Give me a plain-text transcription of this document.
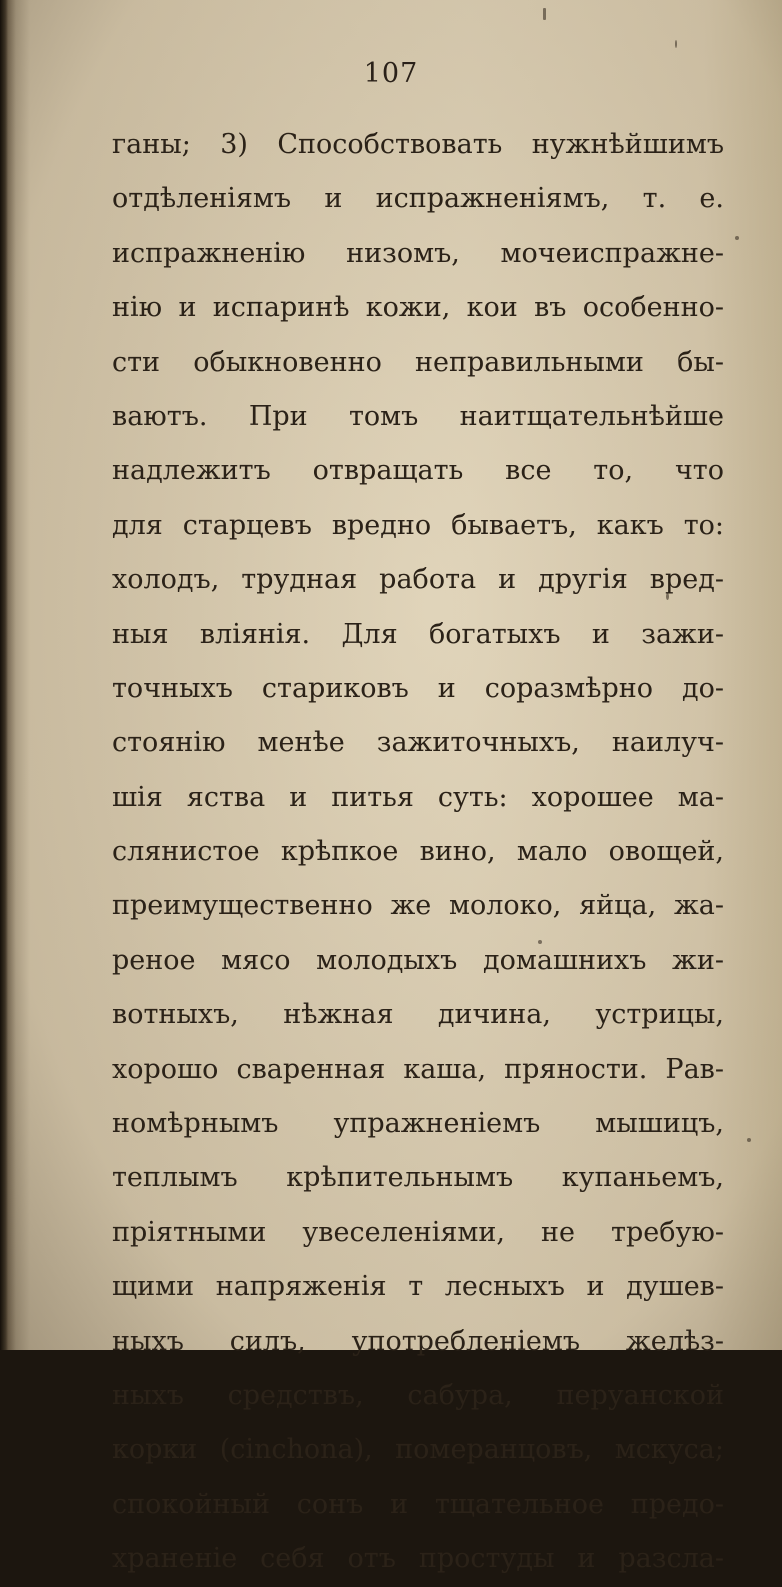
107
ганы; 3) Способствовать нужнѣйшимъ
отдѣленіямъ и испражненіямъ, т. е.
испражненію низомъ, мочеиспражне-
нію и испаринѣ кожи, кои въ особенно-
сти обыкновенно неправильными бы-
ваютъ. При томъ наитщательнѣйше
надлежитъ отвращать все то, что
для старцевъ вредно бываетъ, какъ то:
холодъ, трудная работа и другія вред-
ныя вліянія. Для богатыхъ и зажи-
точныхъ стариковъ и соразмѣрно до-
стоянію менѣе зажиточныхъ, наилуч-
шія яства и питья суть: хорошее ма-
слянистое крѣпкое вино, мало овощей,
преимущественно же молоко, яйца, жа-
реное мясо молодыхъ домашнихъ жи-
вотныхъ, нѣжная дичина, устрицы,
хорошо сваренная каша, пряности. Рав-
номѣрнымъ упражненіемъ мышицъ,
теплымъ крѣпительнымъ купаньемъ,
пріятными увеселеніями, не требую-
щими напряженія т лесныхъ и душев-
ныхъ силъ, употребленіемъ желѣз-
ныхъ средствъ, сабура, перуанской
корки (cinchona), померанцовъ, мскуса;
спокойный сонъ и тщательное предо-
храненіе себя отъ простуды и разсла-
